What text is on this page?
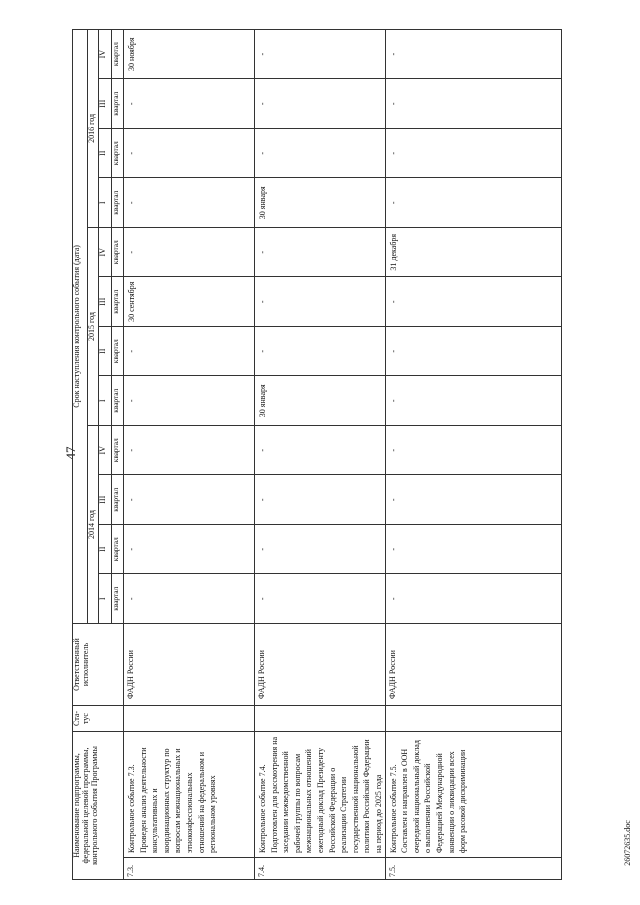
47
Наименование подпрограммы, федеральной целевой программы, контрольного события Программы		Ста-тус	Ответственный исполнитель	Срок наступления контрольного события (дата)											
				2014 год				2015 год				2016 год			
				I	II	III	IV	I	II	III	IV	I	II	III	IV
				квартал	квартал	квартал	квартал	квартал	квартал	квартал	квартал	квартал	квартал	квартал	квартал
7.3.	Контрольное событие 7.3. Проведен анализ деятельности консультативных и координационных структур по вопросам межнациональных и этноконфессиональных отношений на федеральном и региональном уровнях		ФАДН России	-	-	-	-	-	-	30 сентября	-	-	-	-	30 ноября
7.4.	Контрольное событие 7.4. Подготовлен для рассмотрения на заседании межведомственной рабочей группы по вопросам межнациональных отношений ежегодный доклад Президенту Российской Федерации о реализации Стратегии государственной национальной политики Российской Федерации на период до 2025 года		ФАДН России	-	-	-	-	30 января	-	-	-	30 января	-	-	-
7.5.	Контрольное событие 7.5. Составлен и направлен в ООН очередной национальный доклад о выполнении Российской Федерацией Международной конвенции о ликвидации всех форм расовой дискриминации		ФАДН России	-	-	-	-	-	-	-	31 декабря	-	-	-	-
26072635.doc
